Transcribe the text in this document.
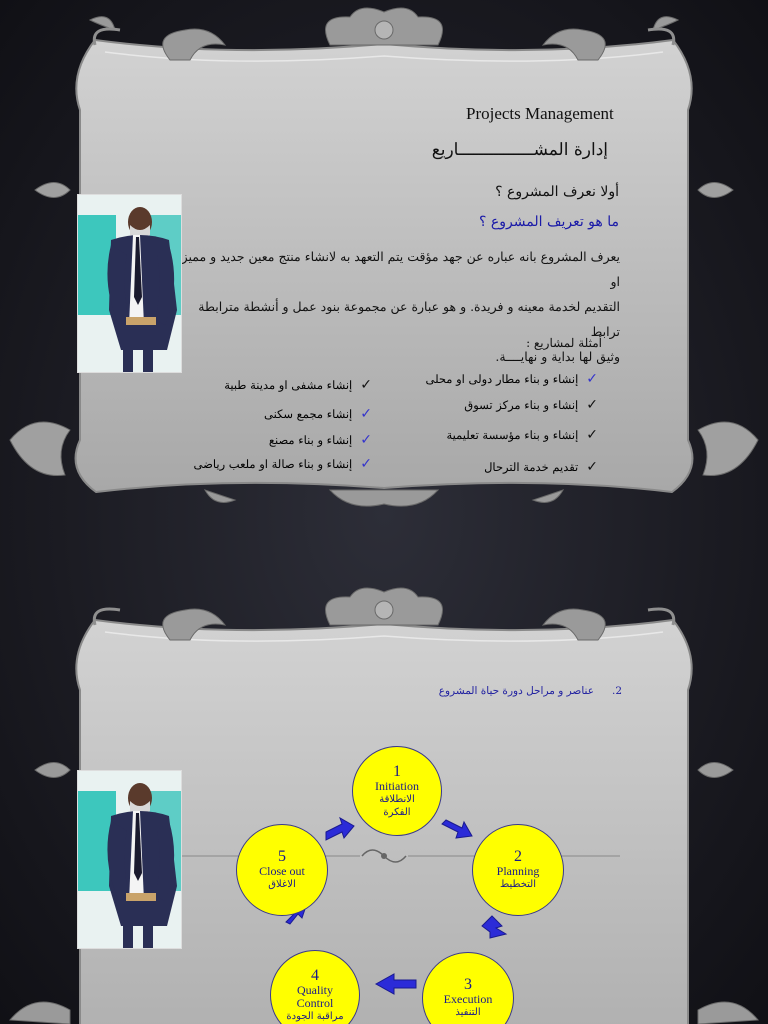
Projects Management
إدارة المشـــــــــــــــاريع
أولا نعرف المشروع ؟
ما هو تعريف المشروع ؟
يعرف المشروع بانه عباره عن جهد مؤقت يتم التعهد به لانشاء منتج معين جديد و مميز او
التقديم لخدمة معينه و فريدة. و هو عبارة عن مجموعة بنود عمل و أنشطة مترابطة ترابط
وثيق لها بداية و نهايــــة.
أمثلة لمشاريع :
✓
إنشاء و بناء مطار دولى او محلى
✓
إنشاء و بناء مركز تسوق
✓
إنشاء و بناء مؤسسة تعليمية
✓
تقديم خدمة الترحال
✓
إنشاء مشفى او مدينة طبية
✓
إنشاء مجمع سكنى
✓
إنشاء و بناء مصنع
✓
إنشاء و بناء صالة او ملعب رياضى
2.
عناصر و مراحل دورة حياة المشروع
1
Initiation
الانطلاقة
الفكرة
2
Planning
التخطيط
3
Execution
التنفيذ
4
Quality
Control
مراقبة الجودة
5
Close out
الاغلاق
